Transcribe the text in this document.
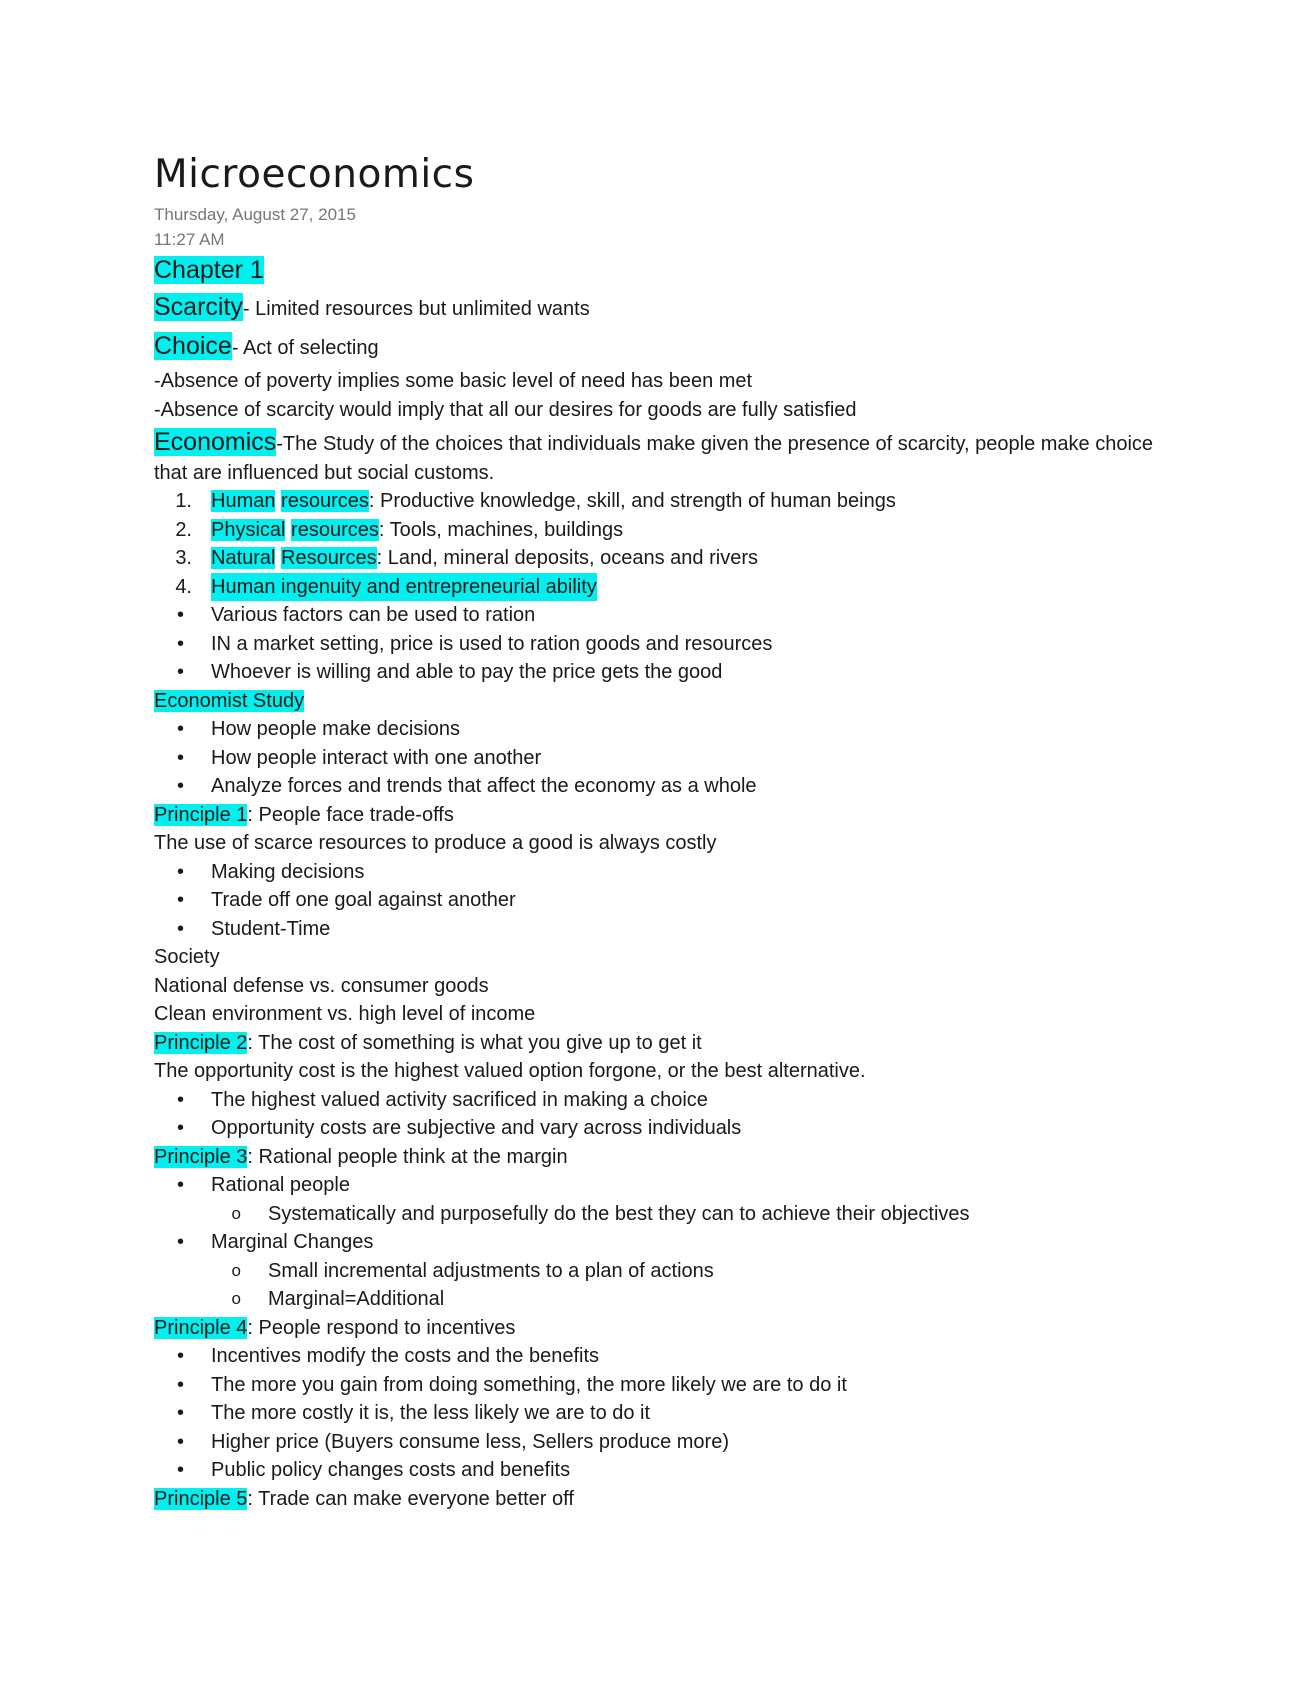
Microeconomics
Thursday, August 27, 2015
11:27 AM
Chapter 1
Scarcity- Limited resources but unlimited wants
Choice- Act of selecting
-Absence of poverty implies some basic level of need has been met
-Absence of scarcity would imply that all our desires for goods are fully satisfied
Economics-The Study of the choices that individuals make given the presence of scarcity, people make choice that are influenced but social customs.
1. Human resources: Productive knowledge, skill, and strength of human beings
2. Physical resources: Tools, machines, buildings
3. Natural Resources: Land, mineral deposits, oceans and rivers
4. Human ingenuity and entrepreneurial ability
•	Various factors can be used to ration
•	IN a market setting, price is used to ration goods and resources
•	Whoever is willing and able to pay the price gets the good
Economist Study
•	How people make decisions
•	How people interact with one another
•	Analyze forces and trends that affect the economy as a whole
Principle 1: People face trade-offs
The use of scarce resources to produce a good is always costly
•	Making decisions
•	Trade off one goal against another
•	Student-Time
Society
National defense vs. consumer goods
Clean environment vs. high level of income
Principle 2: The cost of something is what you give up to get it
The opportunity cost is the highest valued option forgone, or the best alternative.
•	The highest valued activity sacrificed in making a choice
•	Opportunity costs are subjective and vary across individuals
Principle 3: Rational people think at the margin
•	Rational people
o	Systematically and purposefully do the best they can to achieve their objectives
•	Marginal Changes
o	Small incremental adjustments to a plan of actions
o	Marginal=Additional
Principle 4: People respond to incentives
•	Incentives modify the costs and the benefits
•	The more you gain from doing something, the more likely we are to do it
•	The more costly it is, the less likely we are to do it
•	Higher price (Buyers consume less, Sellers produce more)
•	Public policy changes costs and benefits
Principle 5: Trade can make everyone better off
